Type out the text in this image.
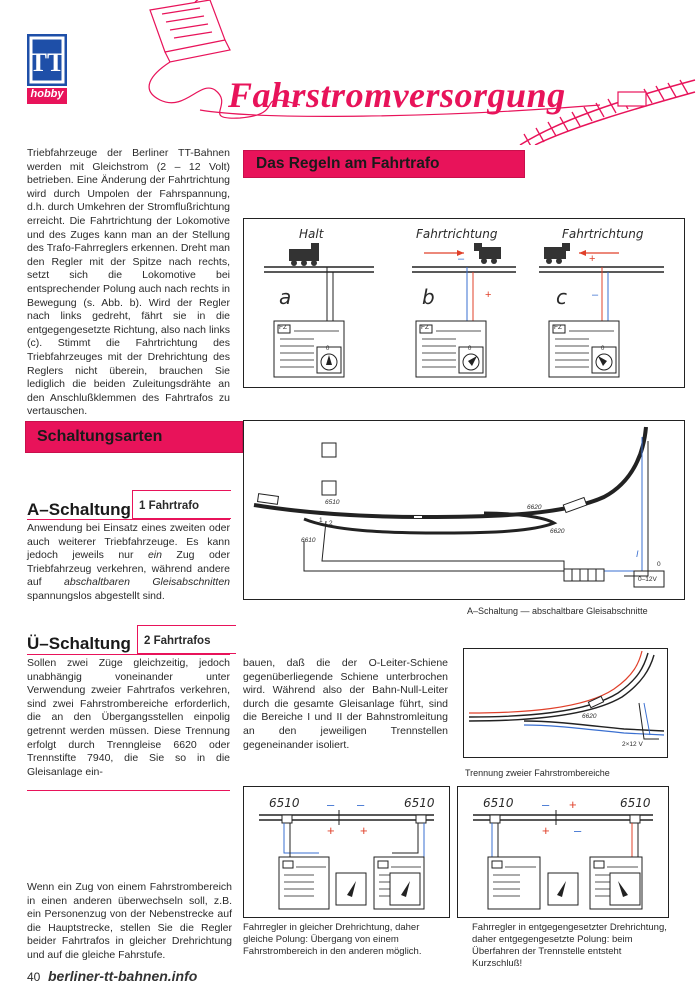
TT
hobby	Fahrstromversorgung
Das Regeln am Fahrtrafo
Triebfahrzeuge der Berliner TT-Bahnen werden mit Gleichstrom (2 – 12 Volt) betrieben. Eine Änderung der Fahrtrichtung wird durch Umpolen der Fahrspannung, d.h. durch Umkehren der Stromflußrichtung erreicht. Die Fahrtrichtung der Lokomotive und des Zuges kann man an der Stellung des Trafo-Fahrreglers erkennen. Dreht man den Regler mit der Spitze nach rechts, setzt sich die Lokomotive bei entsprechender Polung auch nach rechts in Bewegung (s. Abb. b). Wird der Regler nach links gedreht, fährt sie in die entgegengesetzte Richtung, also nach links (c). Stimmt die Fahrtrichtung des Triebfahrzeuges mit der Drehrichtung des Reglers nicht überein, brauchen Sie lediglich die beiden Zuleitungsdrähte an den Anschlußklemmen des Fahrtrafos zu vertauschen.
Halt	Fahrtrichtung	Fahrtrichtung
a	b	c
–
+
+
–
FZ	FZ	FZ
0	0	0
Schaltungsarten
6510
6620
6620
6610
1 2
I
0
0–12V
A–Schaltung — abschaltbare Gleisabschnitte
A–Schaltung 1 Fahrtrafo
Anwendung bei Einsatz eines zweiten oder auch weiterer Triebfahrzeuge. Es kann jedoch jeweils nur ein Zug oder Triebfahrzeug verkehren, während andere auf abschaltbaren Gleisabschnitten spannungslos abgestellt sind.
Ü–Schaltung	2 Fahrtrafos
Sollen zwei Züge gleichzeitig, jedoch unabhängig voneinander unter Verwendung zweier Fahrtrafos verkehren, sind zwei Fahrstrombereiche erforderlich, die an den Übergangsstellen einpolig getrennt werden müssen. Diese Trennung erfolgt durch Trenngleise 6620 oder Trennstifte 7940, die Sie so in die Gleisanlage ein-
bauen, daß die der O-Leiter-Schiene gegenüberliegende Schiene unterbrochen wird. Während also der Bahn-Null-Leiter durch die gesamte Gleisanlage führt, sind die Bereiche I und II der Bahnstromleitung an den jeweiligen Trennstellen gegeneinander isoliert.
6620
2×12 V
Trennung zweier Fahrstrombereiche
Wenn ein Zug von einem Fahrstrombereich in einen anderen überwechseln soll, z.B. ein Personenzug von der Nebenstrecke auf die Hauptstrecke, stellen Sie die Regler beider Fahrtrafos in gleicher Drehrichtung und auf die gleiche Fahrstufe.
6510	6510
– –
+ +
Fahrregler in gleicher Drehrichtung, daher gleiche Polung: Übergang von einem Fahrstrombereich in den anderen möglich.
6510	6510
– +
+ –
Fahrregler in entgegengesetzter Drehrichtung, daher entgegengesetzte Polung: beim Überfahren der Trennstelle entsteht Kurzschluß!
40 berliner-tt-bahnen.info
